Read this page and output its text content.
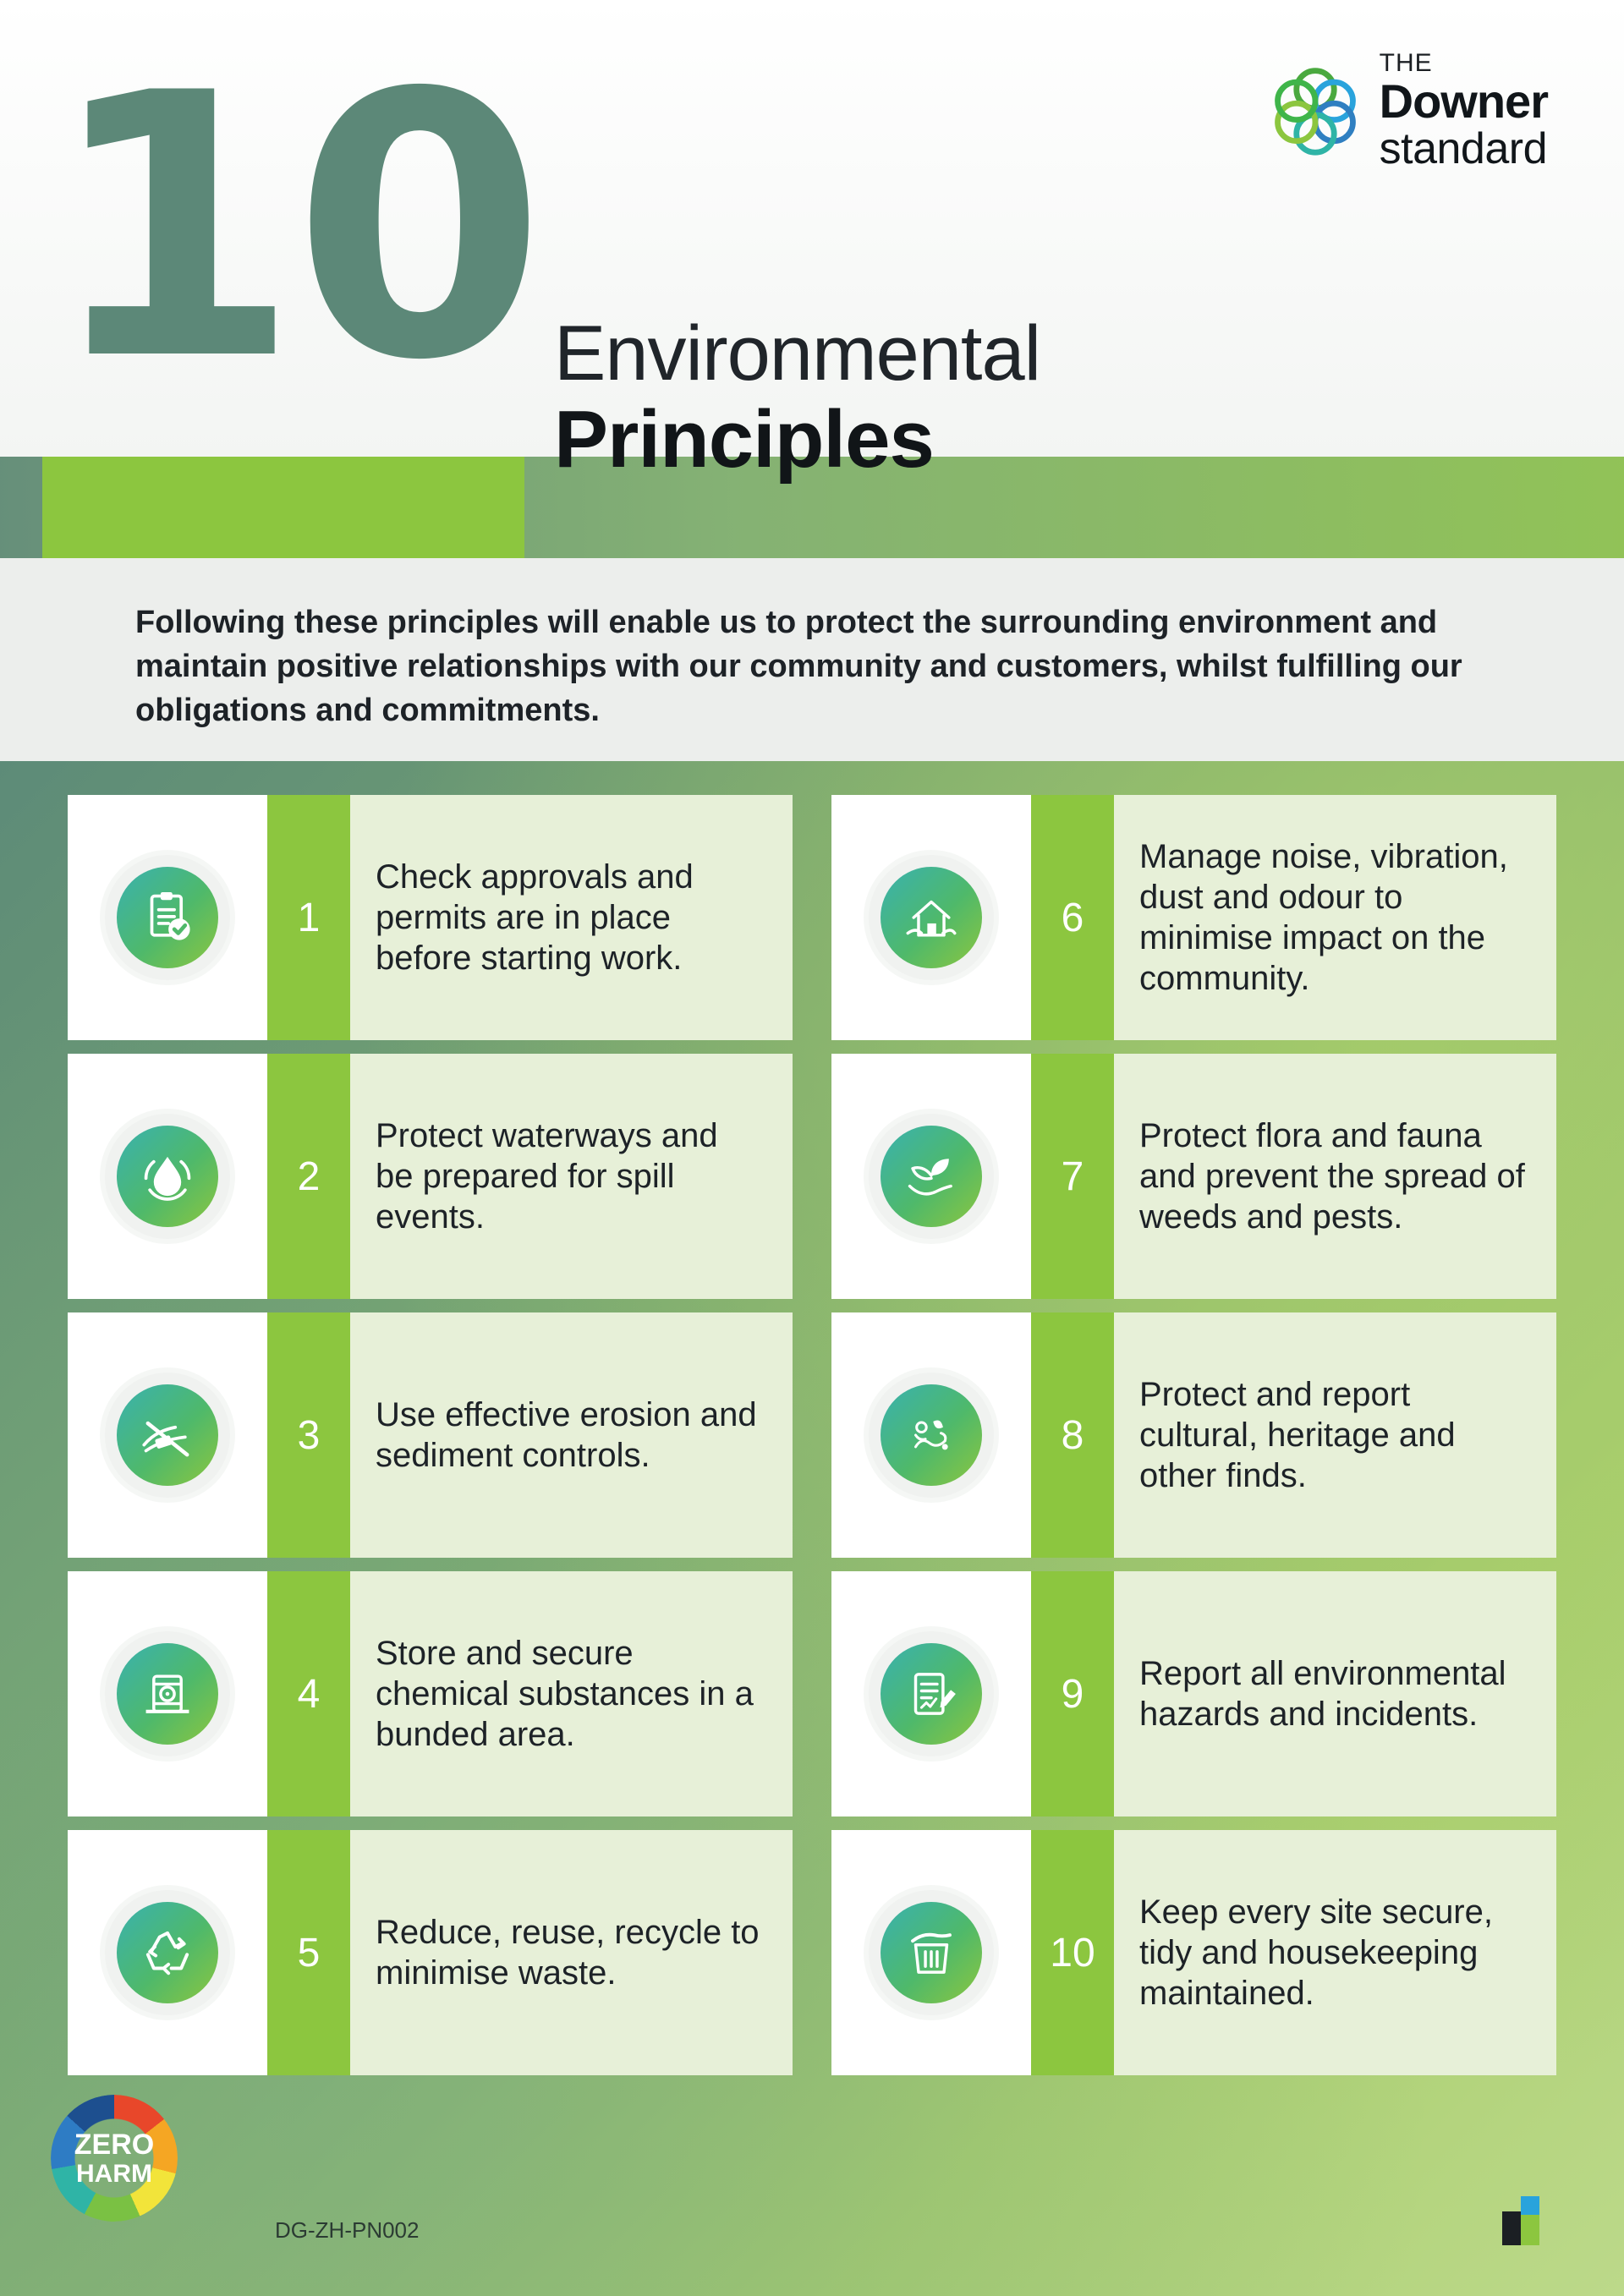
10 Environmental
Principles
THE
Downer
standard
Following these principles will enable us to protect the surrounding environment and maintain positive relationships with our community and customers, whilst fulfilling our obligations and commitments.
1
Check approvals and permits are in place before starting work.
2
Protect waterways and be prepared for spill events.
3	Use effective erosion and sediment controls.
4
Store and secure chemical substances in a bunded area.
5	Reduce, reuse, recycle to minimise waste.
6
Manage noise, vibration, dust and odour to minimise impact on the community.
7
Protect flora and fauna and prevent the spread of weeds and pests.
8
Protect and report cultural, heritage and other finds.
9	Report all environmental hazards and incidents.
10
Keep every site secure, tidy and housekeeping maintained.
ZERO
HARM
DG-ZH-PN002
